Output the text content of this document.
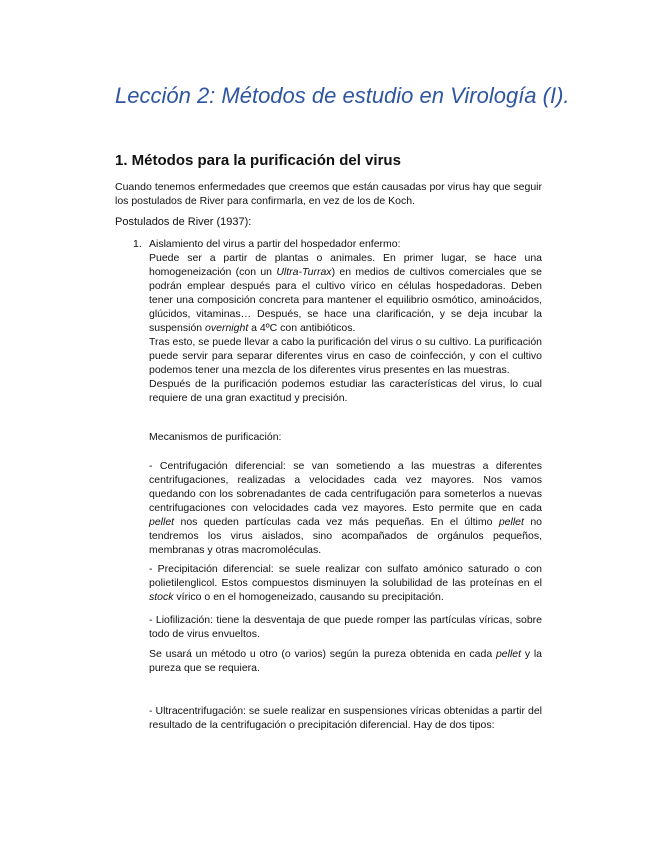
Lección 2: Métodos de estudio en Virología (I).
1. Métodos para la purificación del virus

Cuando tenemos enfermedades que creemos que están causadas por virus hay que seguir los postulados de River para confirmarla, en vez de los de Koch.

Postulados de River (1937):

1. Aislamiento del virus a partir del hospedador enfermo:

Puede ser a partir de plantas o animales. En primer lugar, se hace una homogeneización (con un Ultra-Turrax) en medios de cultivos comerciales que se podrán emplear después para el cultivo vírico en células hospedadoras. Deben tener una composición concreta para mantener el equilibrio osmótico, aminoácidos, glúcidos, vitaminas… Después, se hace una clarificación, y se deja incubar la suspensión overnight a 4ºC con antibióticos.

Tras esto, se puede llevar a cabo la purificación del virus o su cultivo. La purificación puede servir para separar diferentes virus en caso de coinfección, y con el cultivo podemos tener una mezcla de los diferentes virus presentes en las muestras.

Después de la purificación podemos estudiar las características del virus, lo cual requiere de una gran exactitud y precisión.

Mecanismos de purificación:
- Centrifugación diferencial: se van sometiendo a las muestras a diferentes centrifugaciones, realizadas a velocidades cada vez mayores. Nos vamos quedando con los sobrenadantes de cada centrifugación para someterlos a nuevas centrifugaciones con velocidades cada vez mayores. Esto permite que en cada pellet nos queden partículas cada vez más pequeñas. En el último pellet no tendremos los virus aislados, sino acompañados de orgánulos pequeños, membranas y otras macromoléculas.
- Precipitación diferencial: se suele realizar con sulfato amónico saturado o con polietilenglicol. Estos compuestos disminuyen la solubilidad de las proteínas en el stock vírico o en el homogeneizado, causando su precipitación.
- Liofilización: tiene la desventaja de que puede romper las partículas víricas, sobre todo de virus envueltos.
Se usará un método u otro (o varios) según la pureza obtenida en cada pellet y la pureza que se requiera.
- Ultracentrifugación: se suele realizar en suspensiones víricas obtenidas a partir del resultado de la centrifugación o precipitación diferencial. Hay de dos tipos:
